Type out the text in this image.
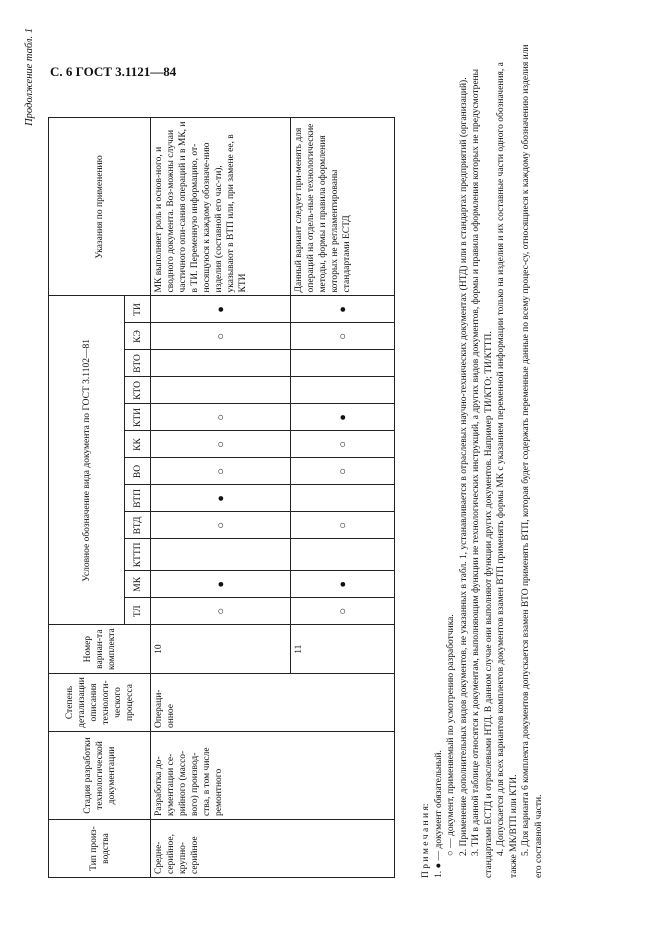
С. 6 ГОСТ 3.1121—84
Продолжение табл. 1
Тип произ-водства	Стадия разработки технологической документации	Степень детализации описания технологи-ческого процесса	Номер вариан-та комплекта	Условное обозначение вида документа по ГОСТ 3.1102—81												Указания по применению
				ТЛ	МК	КТТП	ВТД	ВТП	ВО	КК	КТИ	КТО	ВТО	КЭ	ТИ	
Средне-серийное, крупно-серийное	Разработка до-кументации се-рийного (массо-вого) производ-ства, в том числе ремонтного	Операци-онное	10	○	●		○	●	○	○	○			○	●	МК выполняет роль и основ-ного, и сводного документа. Воз-можны случаи частичного опи-сания операций и в МК, и в ТИ. Переменную информацию, от-носящуюся к каждому обозначе-нию изделия (составной его час-ти), указывают в ВТП или, при замене ее, в КТИ
			11	○	●		○		○	○	●			○	●	Данный вариант следует при-менять для операций на отдель-ные технологические методы, формы и правила оформления которых не регламентированы стандартами ЕСТД

П р и м е ч а н и я: 1. ● — документ обязательный. ○ — документ, применяемый по усмотрению разработчика. 2. Применение дополнительных видов документов, не указанных в табл. 1, устанавливается в отраслевых научно-технических документах (НТД) или в стандартах предприятий (организаций). 3. ТИ в данной таблице относятся к документам, выполняющим функции не технологических инструкций, а других видов документов, формы и правила оформления которых не предусмотрены стандартами ЕСТД и отраслевыми НТД. В данном случае они выполняют функции других документов. Например ТИ/КТО; ТИ/КТТП. 4. Допускается для всех вариантов комплектов документов взамен ВТП применять формы МК с указанием переменной информации только на изделия и их составные части одного обозначения, а также МК/ВТП или КТИ. 5. Для варианта 6 комплекта документов допускается взамен ВТО применять ВТП, которая будет содержать переменные данные по всему процес-су, относящиеся к каждому обозначению изделия или его составной части.
